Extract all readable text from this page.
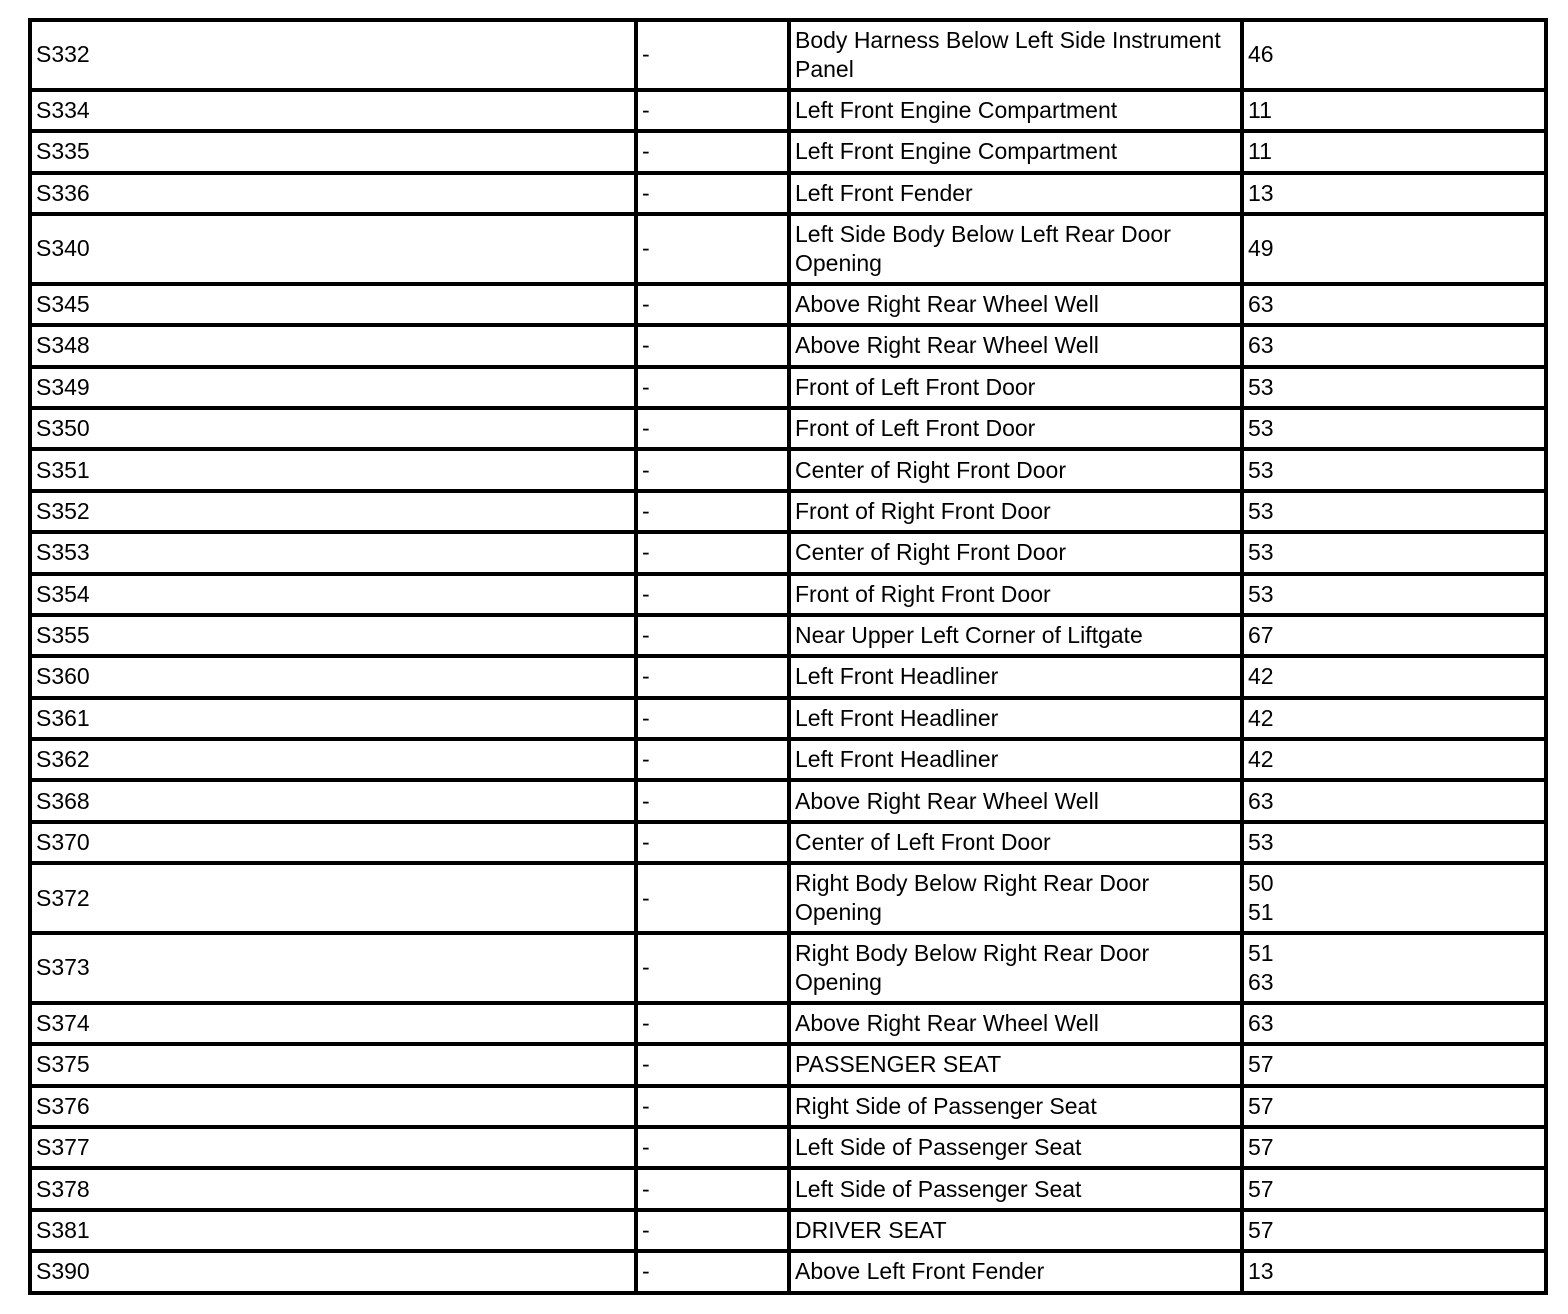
S332	-	Body Harness Below Left Side Instrument Panel	46

S334	-	Left Front Engine Compartment	11

S335	-	Left Front Engine Compartment	11

S336	-	Left Front Fender	13

S340	-	Left Side Body Below Left Rear Door Opening	49

S345	-	Above Right Rear Wheel Well	63

S348	-	Above Right Rear Wheel Well	63

S349	-	Front of Left Front Door	53

S350	-	Front of Left Front Door	53

S351	-	Center of Right Front Door	53

S352	-	Front of Right Front Door	53

S353	-	Center of Right Front Door	53

S354	-	Front of Right Front Door	53

S355	-	Near Upper Left Corner of Liftgate	67

S360	-	Left Front Headliner	42

S361	-	Left Front Headliner	42

S362	-	Left Front Headliner	42

S368	-	Above Right Rear Wheel Well	63

S370	-	Center of Left Front Door	53

S372	-	Right Body Below Right Rear Door Opening	50
51

S373	-	Right Body Below Right Rear Door Opening	51
63

S374	-	Above Right Rear Wheel Well	63

S375	-	PASSENGER SEAT	57

S376	-	Right Side of Passenger Seat	57

S377	-	Left Side of Passenger Seat	57

S378	-	Left Side of Passenger Seat	57

S381	-	DRIVER SEAT	57

S390	-	Above Left Front Fender	13
